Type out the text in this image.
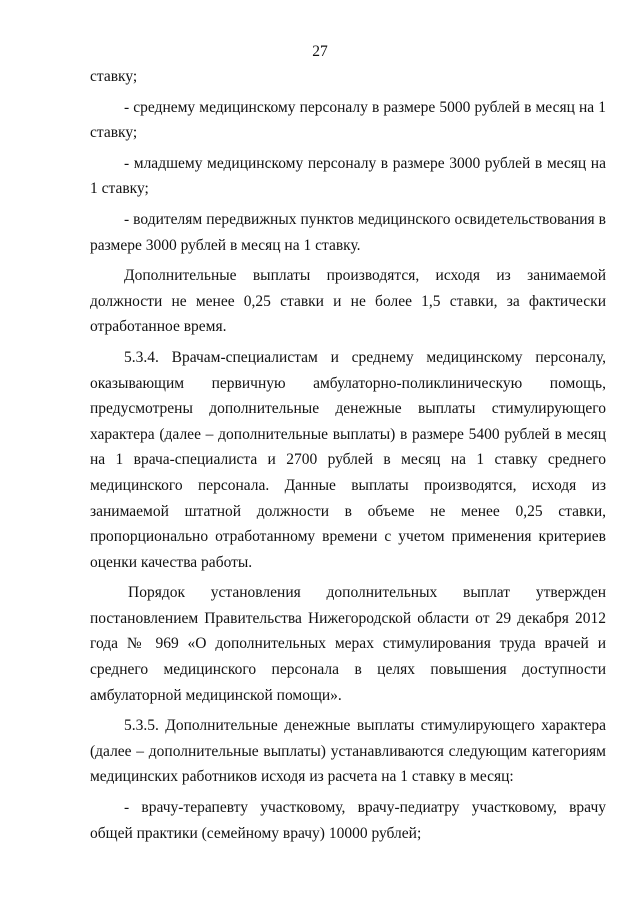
27

ставку;

- среднему медицинскому персоналу в размере 5000 рублей в месяц на 1 ставку;

- младшему медицинскому персоналу в размере 3000 рублей в месяц на 1 ставку;

- водителям передвижных пунктов медицинского освидетельствования в размере 3000 рублей в месяц на 1 ставку.

Дополнительные выплаты производятся, исходя из занимаемой должности не менее 0,25 ставки и не более 1,5 ставки, за фактически отработанное время.

5.3.4. Врачам-специалистам и среднему медицинскому персоналу, оказывающим первичную амбулаторно-поликлиническую помощь, предусмотрены дополнительные денежные выплаты стимулирующего характера (далее – дополнительные выплаты) в размере 5400 рублей в месяц на 1 врача-специалиста и 2700 рублей в месяц на 1 ставку среднего медицинского персонала. Данные выплаты производятся, исходя из занимаемой штатной должности в объеме не менее 0,25 ставки, пропорционально отработанному времени с учетом применения критериев оценки качества работы.

Порядок установления дополнительных выплат утвержден постановлением Правительства Нижегородской области от 29 декабря 2012 года № 969 «О дополнительных мерах стимулирования труда врачей и среднего медицинского персонала в целях повышения доступности амбулаторной медицинской помощи».

5.3.5. Дополнительные денежные выплаты стимулирующего характера (далее – дополнительные выплаты) устанавливаются следующим категориям медицинских работников исходя из расчета на 1 ставку в месяц:

- врачу-терапевту участковому, врачу-педиатру участковому, врачу общей практики (семейному врачу) 10000 рублей;
